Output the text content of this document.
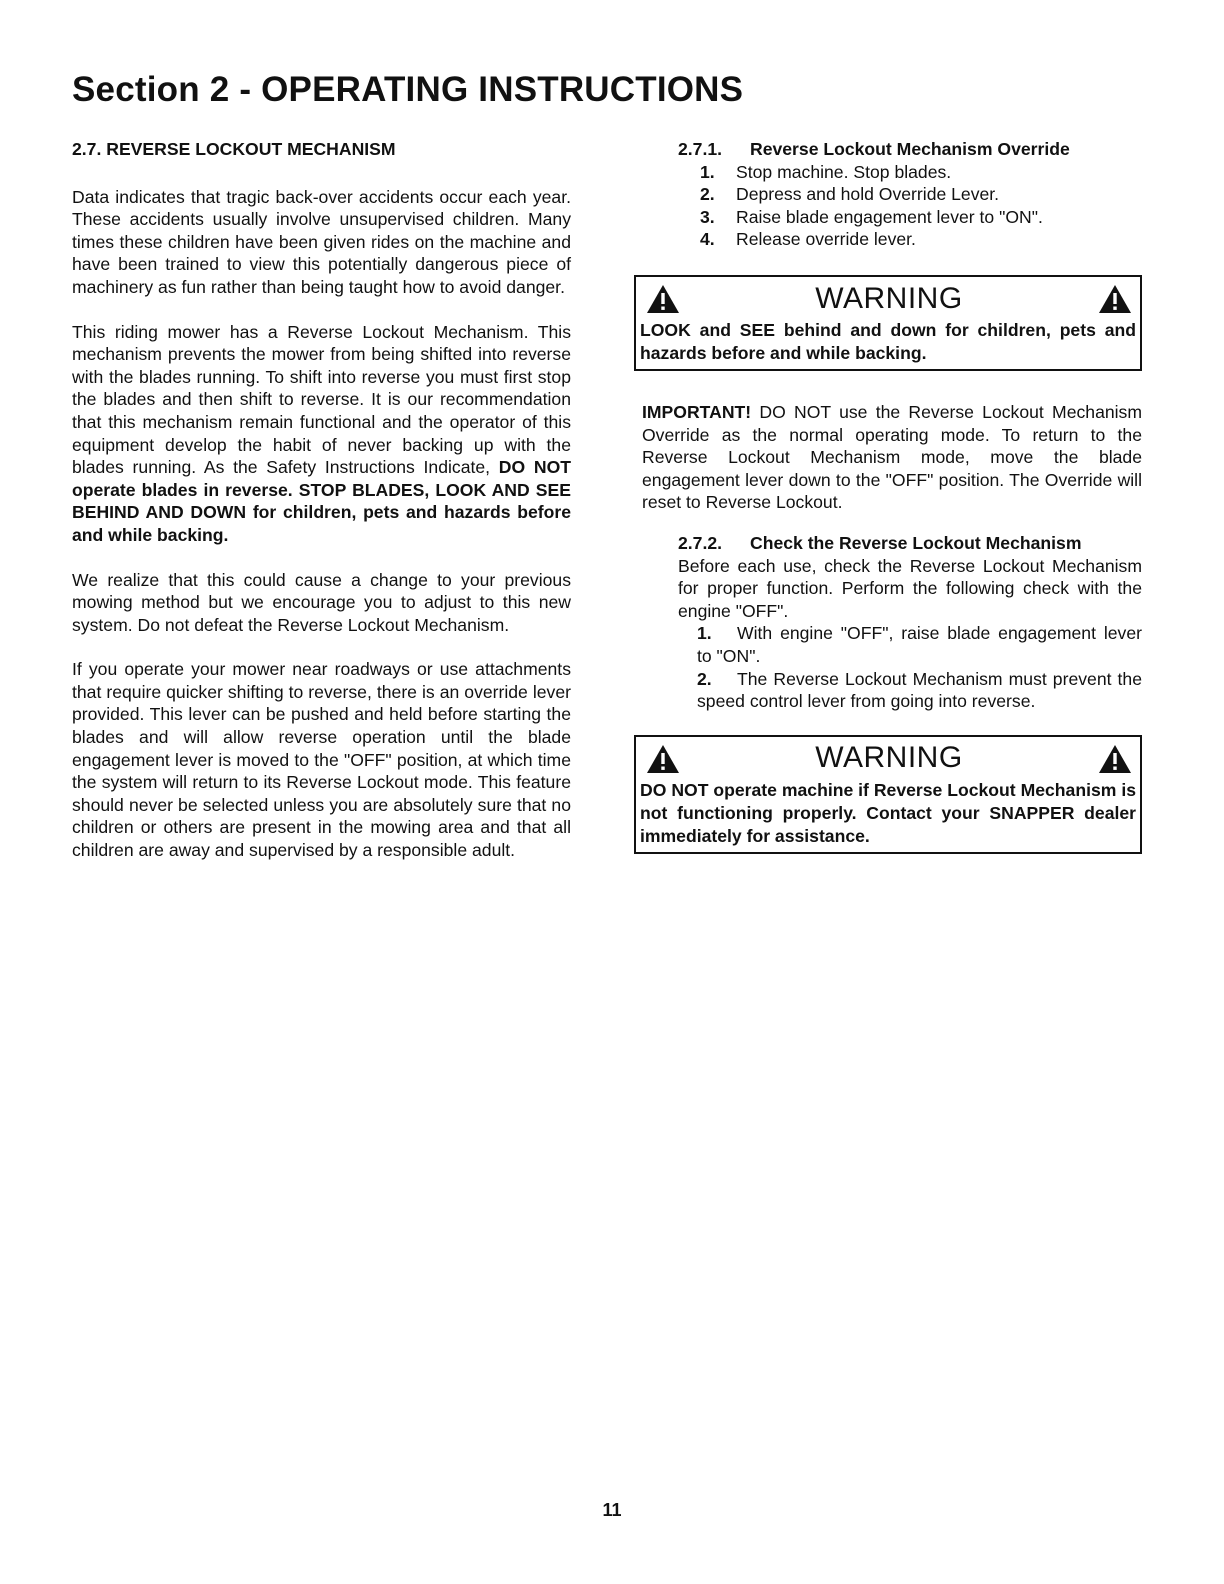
Section 2 - OPERATING INSTRUCTIONS
2.7. REVERSE LOCKOUT MECHANISM

Data indicates that tragic back-over accidents occur each year. These accidents usually involve unsupervised children. Many times these children have been given rides on the machine and have been trained to view this potentially dangerous piece of machinery as fun rather than being taught how to avoid danger.

This riding mower has a Reverse Lockout Mechanism. This mechanism prevents the mower from being shifted into reverse with the blades running. To shift into reverse you must first stop the blades and then shift to reverse. It is our recommendation that this mechanism remain functional and the operator of this equipment develop the habit of never backing up with the blades running. As the Safety Instructions Indicate, DO NOT operate blades in reverse. STOP BLADES, LOOK AND SEE BEHIND AND DOWN for children, pets and hazards before and while backing.

We realize that this could cause a change to your previous mowing method but we encourage you to adjust to this new system. Do not defeat the Reverse Lockout Mechanism.

If you operate your mower near roadways or use attachments that require quicker shifting to reverse, there is an override lever provided. This lever can be pushed and held before starting the blades and will allow reverse operation until the blade engagement lever is moved to the "OFF" position, at which time the system will return to its Reverse Lockout mode. This feature should never be selected unless you are absolutely sure that no children or others are present in the mowing area and that all children are away and supervised by a responsible adult.

2.7.1. Reverse Lockout Mechanism Override
1. Stop machine. Stop blades.
2. Depress and hold Override Lever.
3. Raise blade engagement lever to "ON".
4. Release override lever.
WARNING
LOOK and SEE behind and down for children, pets and hazards before and while backing.

IMPORTANT! DO NOT use the Reverse Lockout Mechanism Override as the normal operating mode. To return to the Reverse Lockout Mechanism mode, move the blade engagement lever down to the "OFF" position. The Override will reset to Reverse Lockout.

2.7.2. Check the Reverse Lockout Mechanism
Before each use, check the Reverse Lockout Mechanism for proper function. Perform the following check with the engine "OFF".
1. With engine "OFF", raise blade engagement lever to "ON".
2. The Reverse Lockout Mechanism must prevent the speed control lever from going into reverse.
WARNING
DO NOT operate machine if Reverse Lockout Mechanism is not functioning properly. Contact your SNAPPER dealer immediately for assistance.
11
